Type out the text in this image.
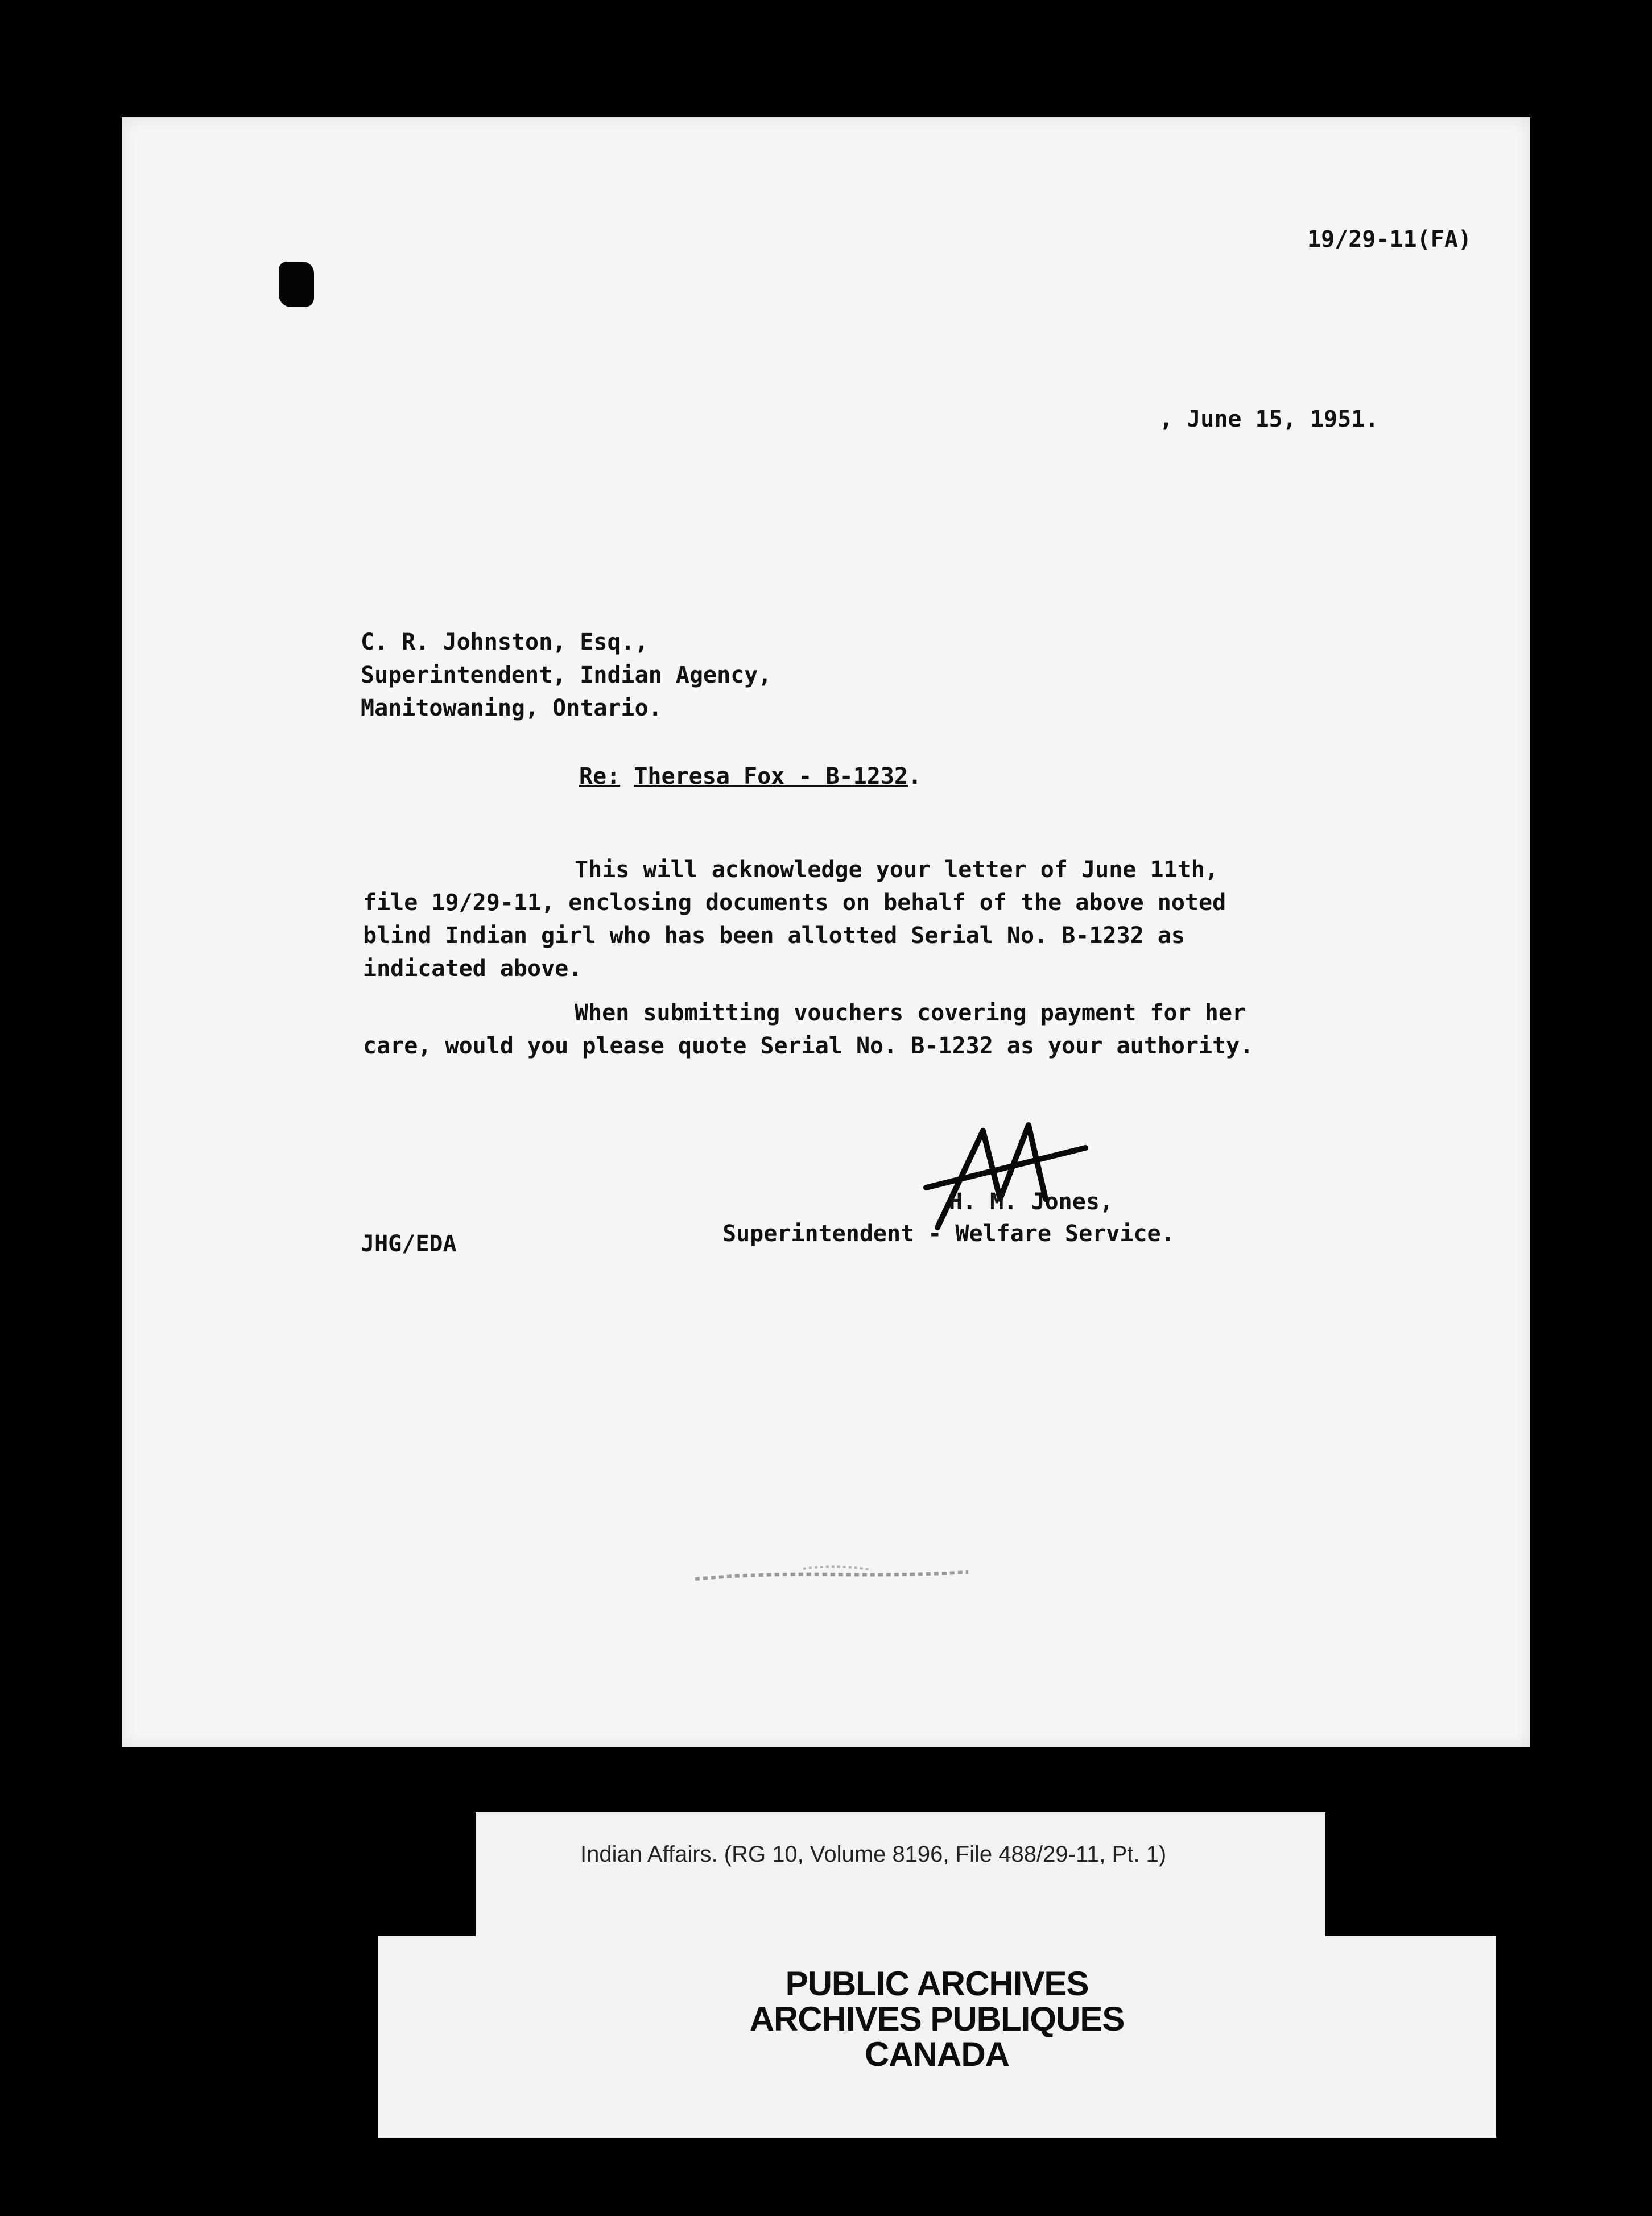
19/29-11(FA)
, June 15, 1951.
C. R. Johnston, Esq.,
Superintendent, Indian Agency,
Manitowaning, Ontario.
Re: Theresa Fox - B-1232.
This will acknowledge your letter of June 11th,
file 19/29-11, enclosing documents on behalf of the above noted
blind Indian girl who has been allotted Serial No. B-1232 as
indicated above.
When submitting vouchers covering payment for her
care, would you please quote Serial No. B-1232 as your authority.
H. M. Jones,
Superintendent - Welfare Service.
JHG/EDA
Indian Affairs. (RG 10, Volume 8196, File 488/29-11, Pt. 1)
PUBLIC ARCHIVES
ARCHIVES PUBLIQUES
CANADA
